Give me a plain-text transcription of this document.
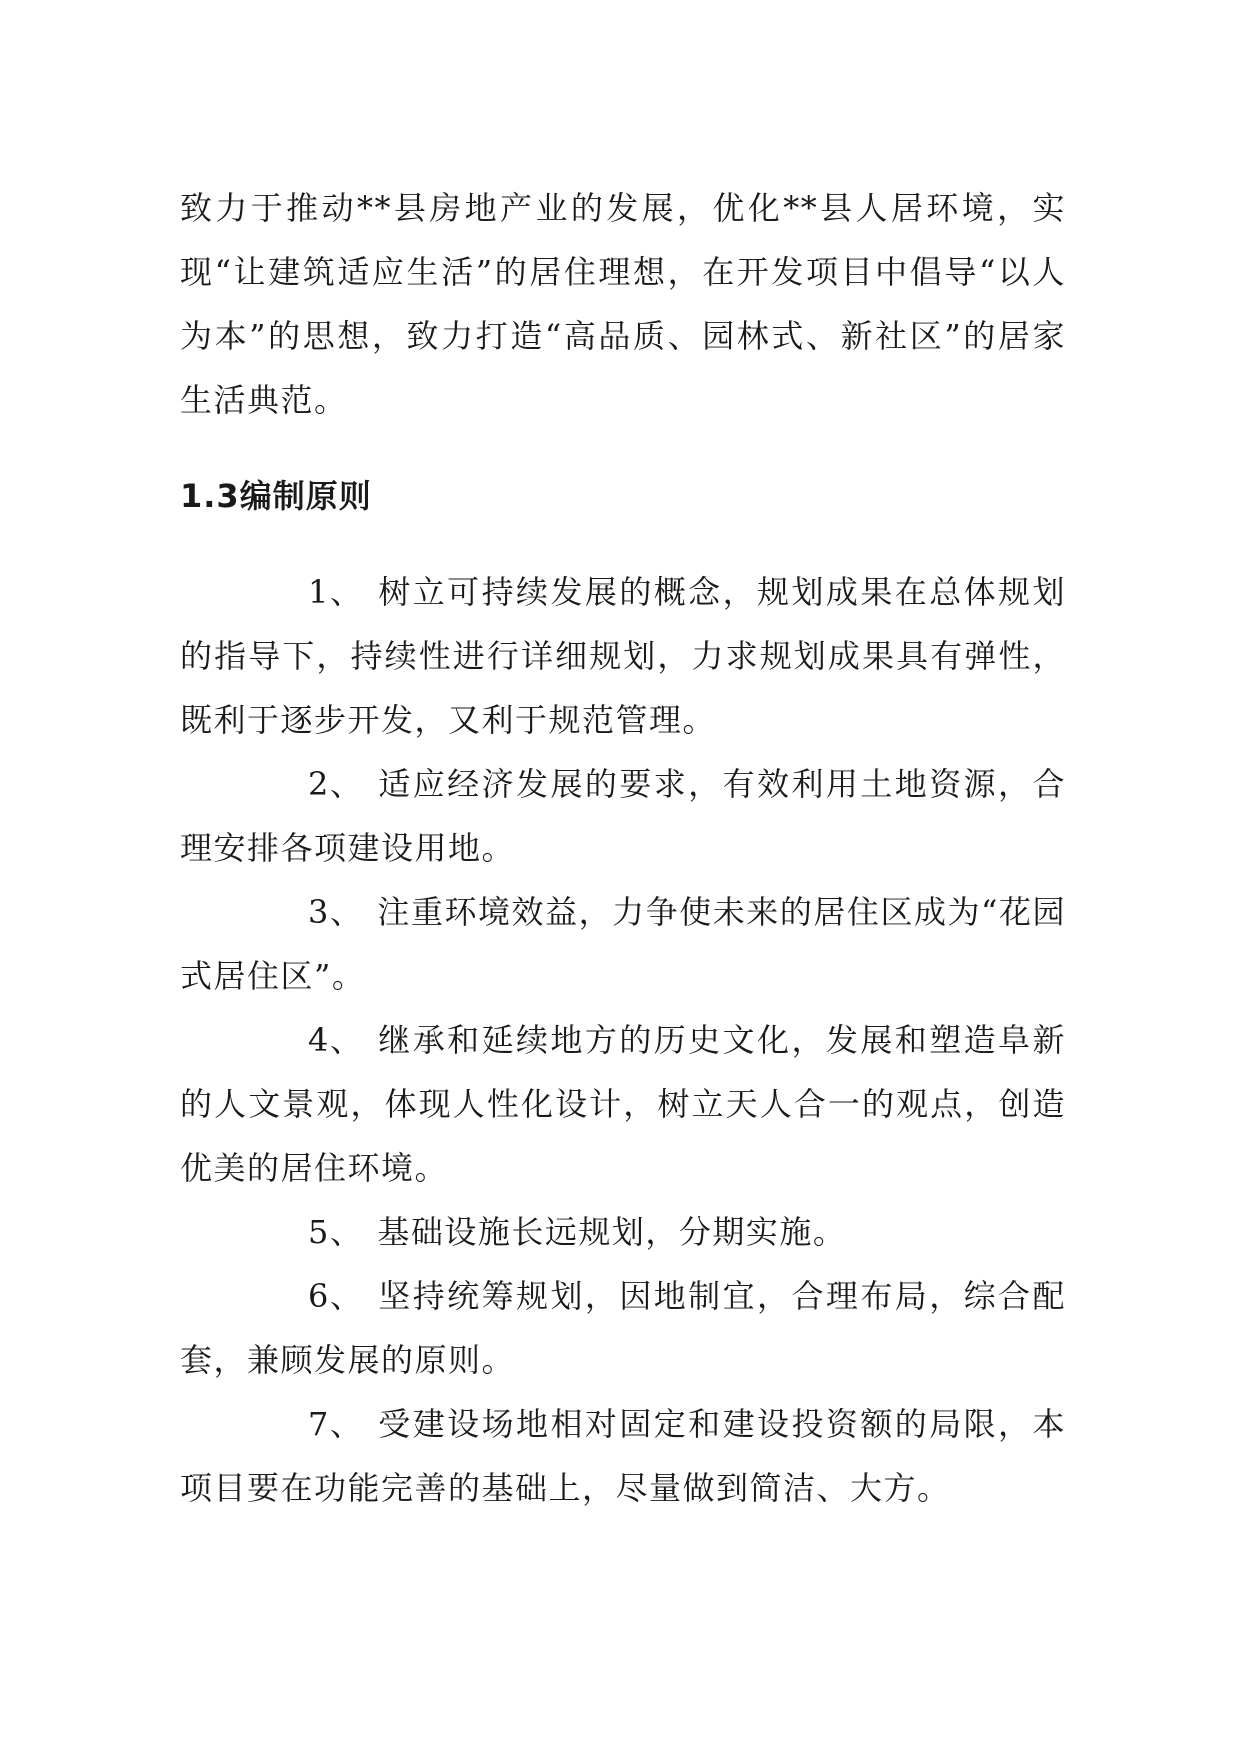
致力于推动**县房地产业的发展，优化**县人居环境，实现“让建筑适应生活”的居住理想，在开发项目中倡导“以人为本”的思想，致力打造“高品质、园林式、新社区”的居家生活典范。

1.3编制原则

1、 树立可持续发展的概念，规划成果在总体规划的指导下，持续性进行详细规划，力求规划成果具有弹性，既利于逐步开发，又利于规范管理。

2、 适应经济发展的要求，有效利用土地资源，合理安排各项建设用地。

3、 注重环境效益，力争使未来的居住区成为“花园式居住区”。

4、 继承和延续地方的历史文化，发展和塑造阜新的人文景观，体现人性化设计，树立天人合一的观点，创造优美的居住环境。

5、 基础设施长远规划，分期实施。

6、 坚持统筹规划，因地制宜，合理布局，综合配套，兼顾发展的原则。

7、 受建设场地相对固定和建设投资额的局限，本项目要在功能完善的基础上，尽量做到简洁、大方。
